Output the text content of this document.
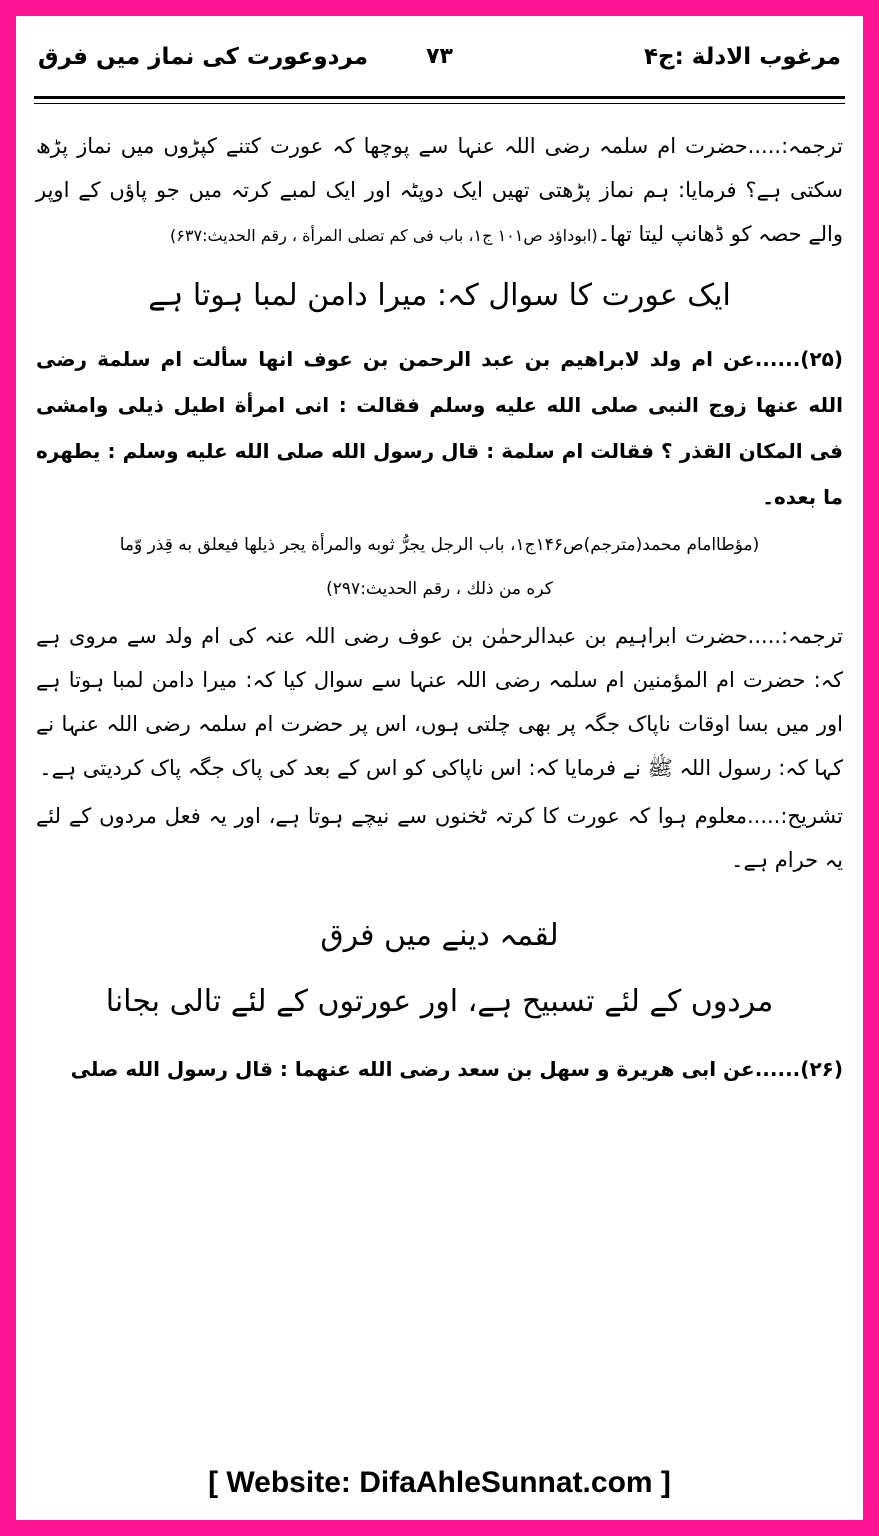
مرغوب الادلة :ج۴
۷۳
مردوعورت کی نماز میں فرق

ترجمہ:.....حضرت ام سلمہ رضی اللہ عنہا سے پوچھا کہ عورت کتنے کپڑوں میں نماز پڑھ سکتی ہے؟ فرمایا: ہم نماز پڑھتی تھیں ایک دوپٹہ اور ایک لمبے کرتہ میں جو پاؤں کے اوپر والے حصہ کو ڈھانپ لیتا تھا۔(ابوداؤد ص۱۰۱ ج۱، باب فی کم تصلی المرأة ، رقم الحديث:۶۳۷)

ایک عورت کا سوال کہ: میرا دامن لمبا ہوتا ہے

(۲۵)......عن ام ولد لابراهيم بن عبد الرحمن بن عوف انها سألت ام سلمة رضى الله عنها زوج النبى صلى الله عليه وسلم فقالت : انى امرأة اطيل ذيلى وامشى فى المكان القذر ؟ فقالت ام سلمة : قال رسول الله صلى الله عليه وسلم : يطهره ما بعده۔

(مؤطاامام محمد(مترجم)ص۱۴۶ج۱، باب الرجل يجرُّ ثوبه والمرأة يجر ذيلها فيعلق به قِذر وّما
كره من ذلك ، رقم الحديث:۲۹۷)

ترجمہ:.....حضرت ابراہیم بن عبدالرحمٰن بن عوف رضی اللہ عنہ کی ام ولد سے مروی ہے کہ: حضرت ام المؤمنین ام سلمہ رضی اللہ عنہا سے سوال کیا کہ: میرا دامن لمبا ہوتا ہے اور میں بسا اوقات ناپاک جگہ پر بھی چلتی ہوں، اس پر حضرت ام سلمہ رضی اللہ عنہا نے کہا کہ: رسول اللہ ﷺ نے فرمایا کہ: اس ناپاکی کو اس کے بعد کی پاک جگہ پاک کردیتی ہے۔

تشریح:.....معلوم ہوا کہ عورت کا کرتہ ٹخنوں سے نیچے ہوتا ہے، اور یہ فعل مردوں کے لئے یہ حرام ہے۔

لقمہ دینے میں فرق
مردوں کے لئے تسبیح ہے، اور عورتوں کے لئے تالی بجانا

(۲۶)......عن ابى هريرة و سهل بن سعد رضى الله عنهما : قال رسول الله صلى

[ Website: DifaAhleSunnat.com ]
